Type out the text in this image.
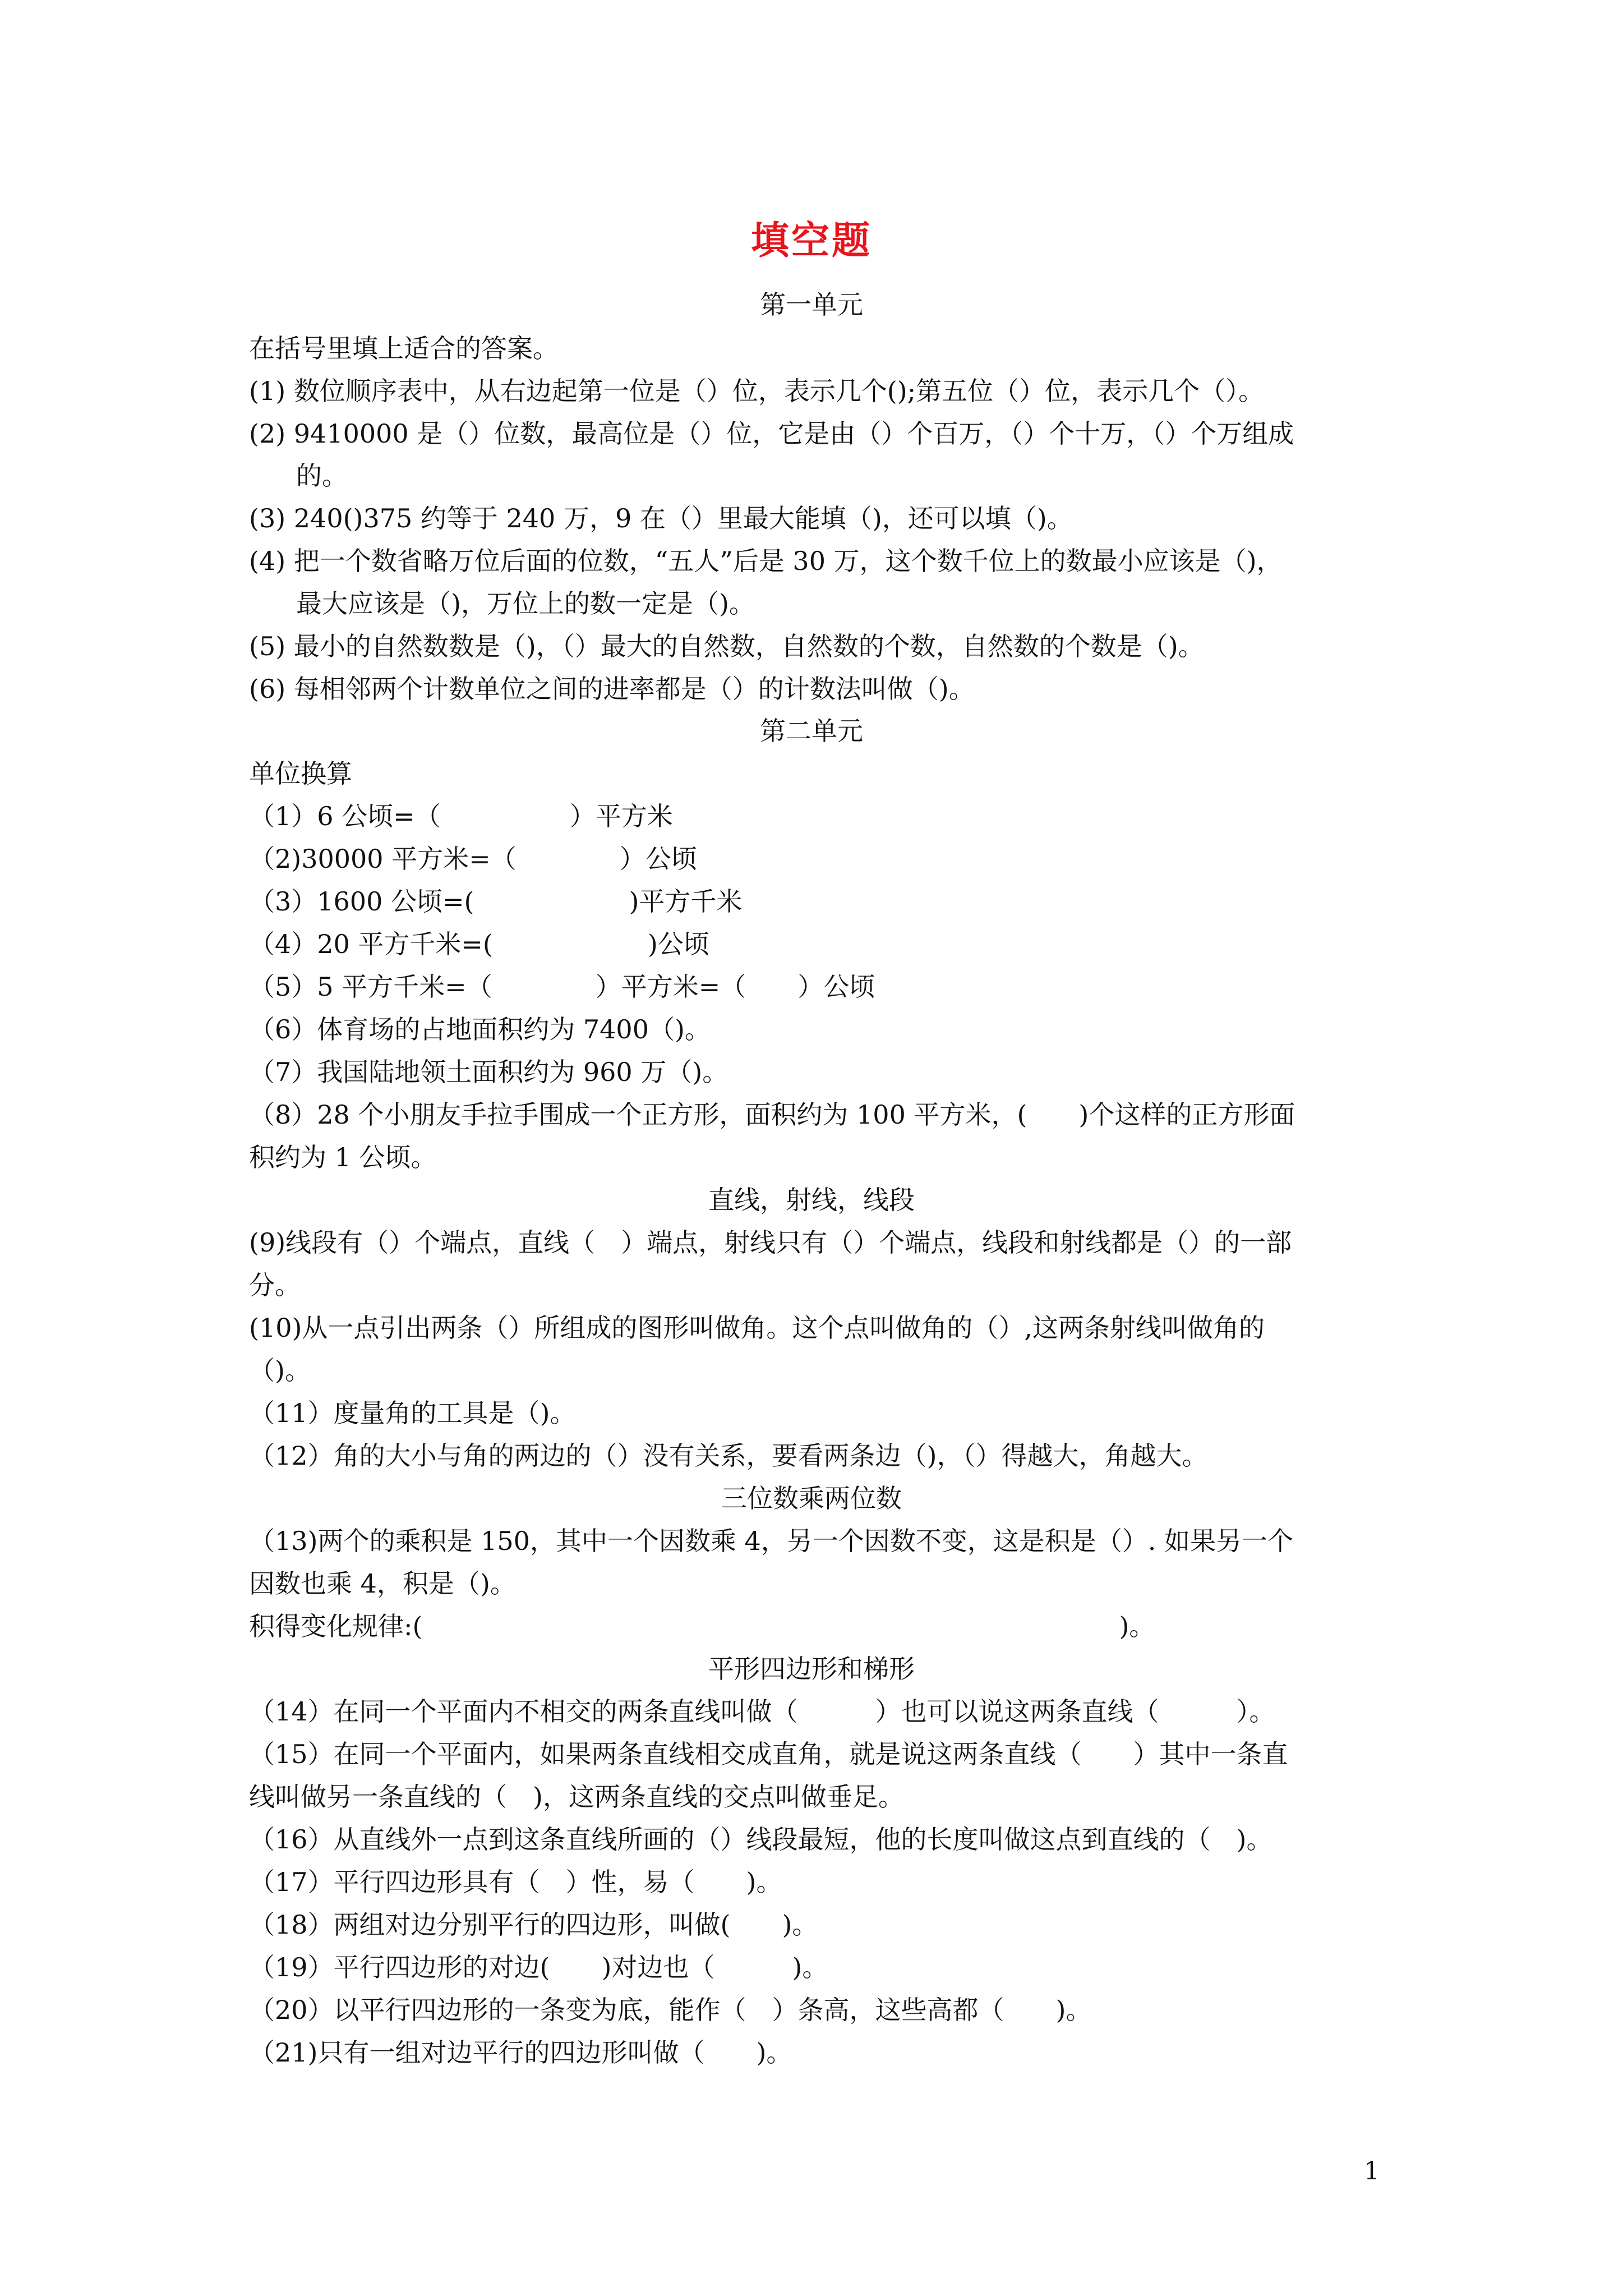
填空题
第一单元
在括号里填上适合的答案。
(1) 数位顺序表中，从右边起第一位是（）位，表示几个();第五位（）位，表示几个（）。
(2) 9410000 是（）位数，最高位是（）位，它是由（）个百万，（）个十万，（）个万组成
的。
(3) 240()375 约等于 240 万，9 在（）里最大能填（)，还可以填（)。
(4) 把一个数省略万位后面的位数，“五人”后是 30 万，这个数千位上的数最小应该是（)，
最大应该是（)，万位上的数一定是（)。
(5) 最小的自然数数是（)，（）最大的自然数，自然数的个数，自然数的个数是（)。
(6) 每相邻两个计数单位之间的进率都是（）的计数法叫做（)。
第二单元
单位换算
（1）6 公顷=（　　　　　）平方米
（2)30000 平方米=（　　　　）公顷
（3）1600 公顷=(　　　　　　)平方千米
（4）20 平方千米=(　　　　　　)公顷
（5）5 平方千米=（　　　　）平方米=（　　）公顷
（6）体育场的占地面积约为 7400（)。
（7）我国陆地领土面积约为 960 万（)。
（8）28 个小朋友手拉手围成一个正方形，面积约为 100 平方米，(　　)个这样的正方形面
积约为 1 公顷。
直线，射线，线段
(9)线段有（）个端点，直线（　）端点，射线只有（）个端点，线段和射线都是（）的一部
分。
(10)从一点引出两条（）所组成的图形叫做角。这个点叫做角的（）,这两条射线叫做角的
（)。
（11）度量角的工具是（)。
（12）角的大小与角的两边的（）没有关系，要看两条边（)，（）得越大，角越大。
三位数乘两位数
（13)两个的乘积是 150，其中一个因数乘 4，另一个因数不变，这是积是（）. 如果另一个
因数也乘 4，积是（)。
积得变化规律:(　　　　　　　　　　　　　　　　　　　　　　　　　　　)。
平形四边形和梯形
（14）在同一个平面内不相交的两条直线叫做（　　　）也可以说这两条直线（　　　）。
（15）在同一个平面内，如果两条直线相交成直角，就是说这两条直线（　　）其中一条直
线叫做另一条直线的（　)，这两条直线的交点叫做垂足。
（16）从直线外一点到这条直线所画的（）线段最短，他的长度叫做这点到直线的（　)。
（17）平行四边形具有（　）性，易（　　)。
（18）两组对边分别平行的四边形，叫做(　　)。
（19）平行四边形的对边(　　)对边也（　　　)。
（20）以平行四边形的一条变为底，能作（　）条高，这些高都（　　)。
（21)只有一组对边平行的四边形叫做（　　)。
1
